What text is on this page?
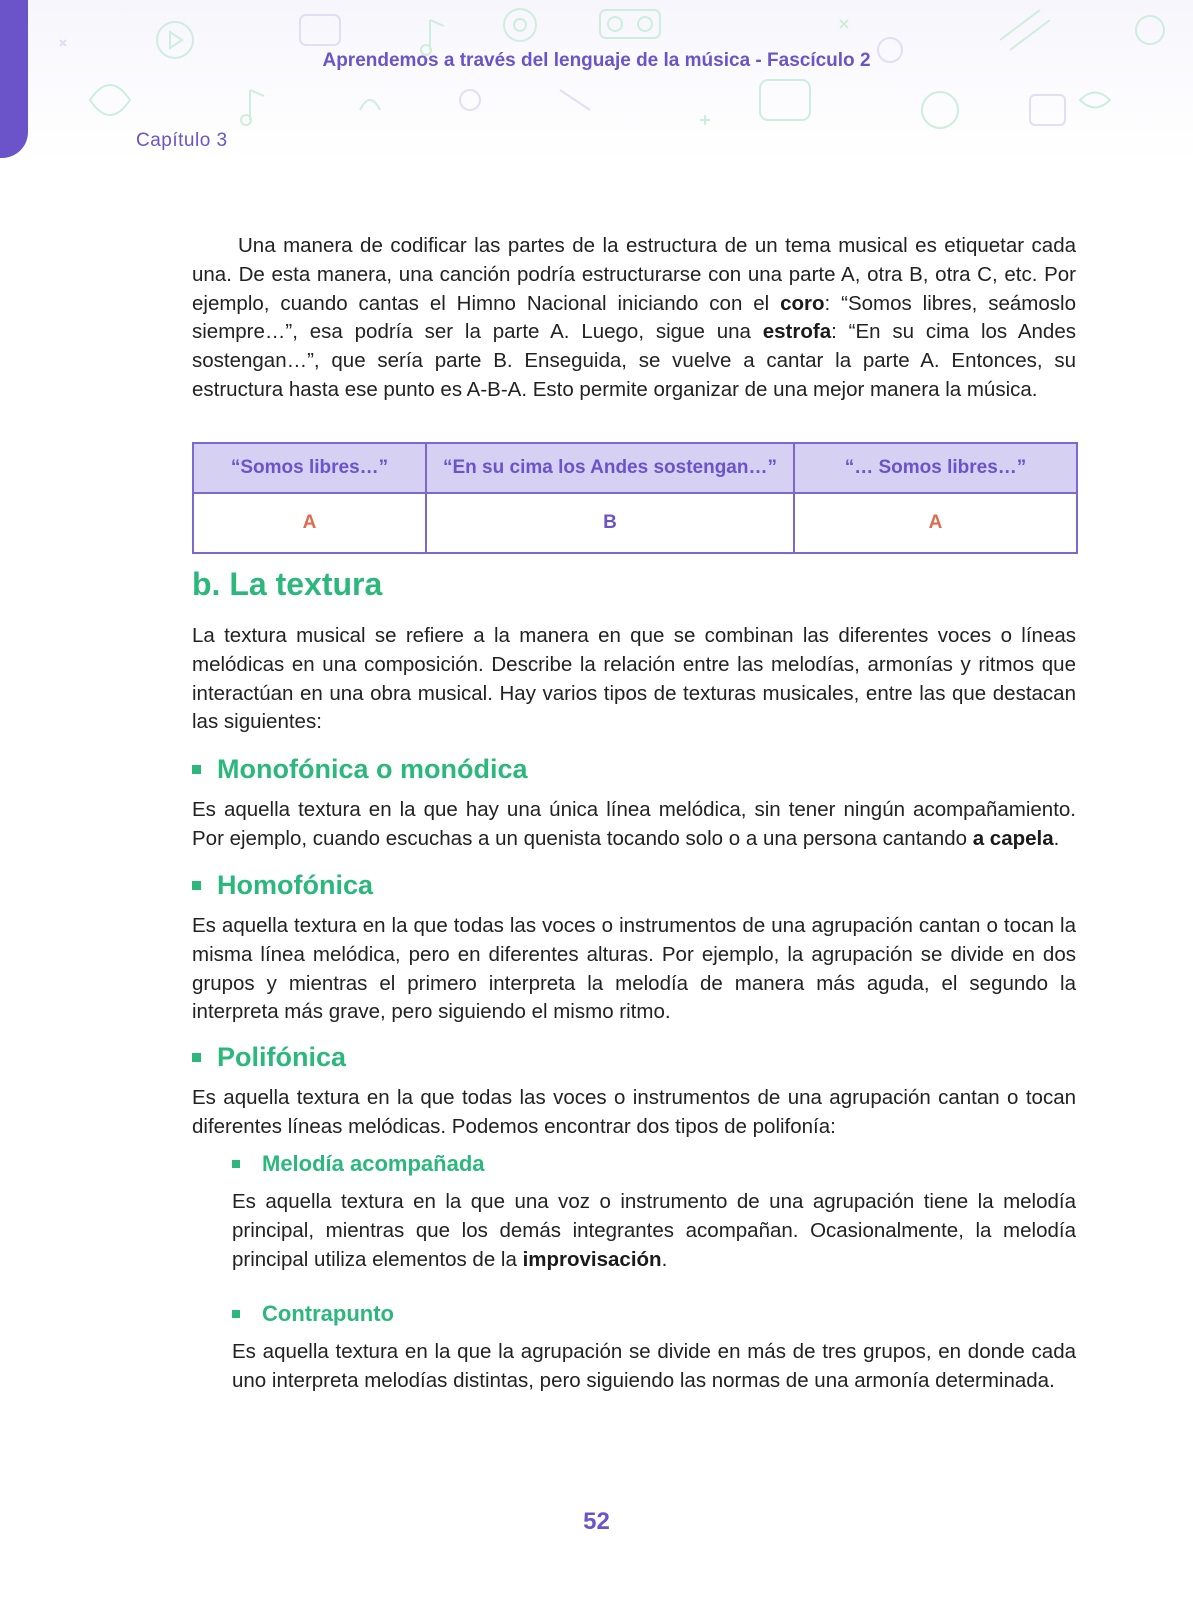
Aprendemos a través del lenguaje de la música - Fascículo 2
Capítulo 3

Una manera de codificar las partes de la estructura de un tema musical es etiquetar cada una. De esta manera, una canción podría estructurarse con una parte A, otra B, otra C, etc. Por ejemplo, cuando cantas el Himno Nacional iniciando con el coro: “Somos libres, seámoslo siempre…”, esa podría ser la parte A. Luego, sigue una estrofa: “En su cima los Andes sostengan…”, que sería parte B. Enseguida, se vuelve a cantar la parte A. Entonces, su estructura hasta ese punto es A-B-A. Esto permite organizar de una mejor manera la música.

“Somos libres…”	“En su cima los Andes sostengan…”	“… Somos libres…”
A	B	A
b. La textura

La textura musical se refiere a la manera en que se combinan las diferentes voces o líneas melódicas en una composición. Describe la relación entre las melodías, armonías y ritmos que interactúan en una obra musical. Hay varios tipos de texturas musicales, entre las que destacan las siguientes:

Monofónica o monódica

Es aquella textura en la que hay una única línea melódica, sin tener ningún acompañamiento. Por ejemplo, cuando escuchas a un quenista tocando solo o a una persona cantando a capela.

Homofónica

Es aquella textura en la que todas las voces o instrumentos de una agrupación cantan o tocan la misma línea melódica, pero en diferentes alturas. Por ejemplo, la agrupación se divide en dos grupos y mientras el primero interpreta la melodía de manera más aguda, el segundo la interpreta más grave, pero siguiendo el mismo ritmo.

Polifónica

Es aquella textura en la que todas las voces o instrumentos de una agrupación cantan o tocan diferentes líneas melódicas. Podemos encontrar dos tipos de polifonía:

Melodía acompañada

Es aquella textura en la que una voz o instrumento de una agrupación tiene la melodía principal, mientras que los demás integrantes acompañan. Ocasionalmente, la melodía principal utiliza elementos de la improvisación.

Contrapunto

Es aquella textura en la que la agrupación se divide en más de tres grupos, en donde cada uno interpreta melodías distintas, pero siguiendo las normas de una armonía determinada.

52
